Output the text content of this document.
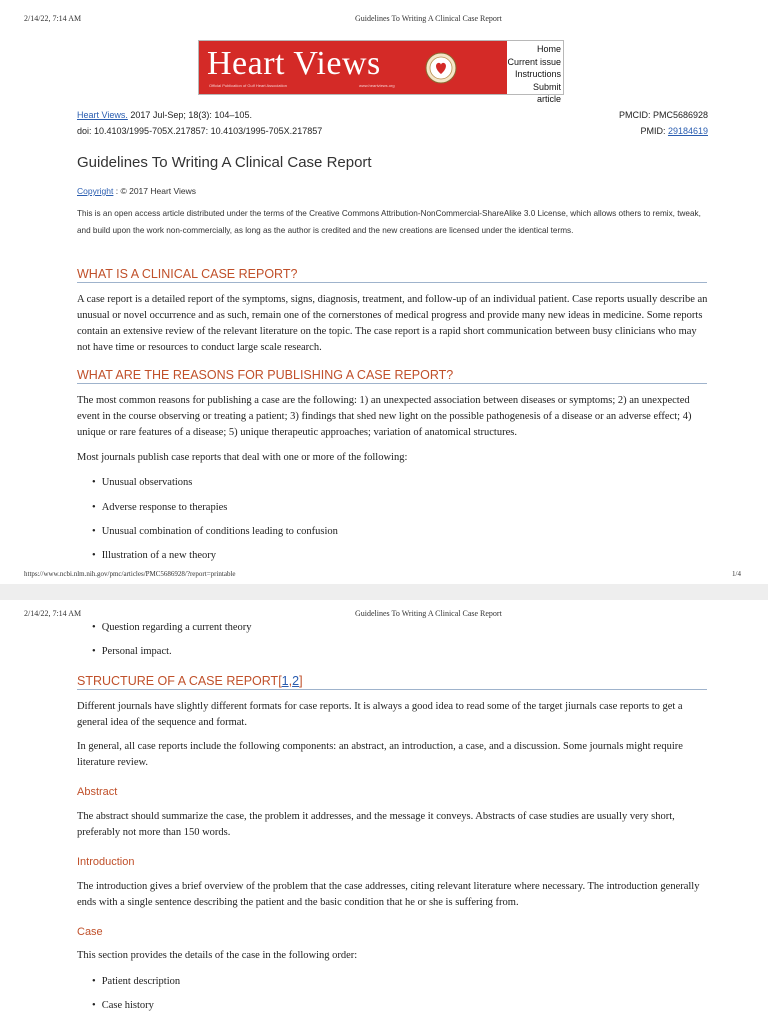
2/14/22, 7:14 AM	Guidelines To Writing A Clinical Case Report
Heart Views
Official Publication of Gulf Heart Association	www.heartviews.org
Home
Current issue
Instructions
Submit article
Heart Views. 2017 Jul-Sep; 18(3): 104–105.
doi: 10.4103/1995-705X.217857: 10.4103/1995-705X.217857
PMCID: PMC5686928
PMID: 29184619
Guidelines To Writing A Clinical Case Report
Copyright : © 2017 Heart Views
This is an open access article distributed under the terms of the Creative Commons Attribution-NonCommercial-ShareAlike 3.0 License, which allows others to remix, tweak, and build upon the work non-commercially, as long as the author is credited and the new creations are licensed under the identical terms.
WHAT IS A CLINICAL CASE REPORT?
A case report is a detailed report of the symptoms, signs, diagnosis, treatment, and follow-up of an individual patient. Case reports usually describe an unusual or novel occurrence and as such, remain one of the cornerstones of medical progress and provide many new ideas in medicine. Some reports contain an extensive review of the relevant literature on the topic. The case report is a rapid short communication between busy clinicians who may not have time or resources to conduct large scale research.
WHAT ARE THE REASONS FOR PUBLISHING A CASE REPORT?
The most common reasons for publishing a case are the following: 1) an unexpected association between diseases or symptoms; 2) an unexpected event in the course observing or treating a patient; 3) findings that shed new light on the possible pathogenesis of a disease or an adverse effect; 4) unique or rare features of a disease; 5) unique therapeutic approaches; variation of anatomical structures.
Most journals publish case reports that deal with one or more of the following:
• Unusual observations
• Adverse response to therapies
• Unusual combination of conditions leading to confusion
• Illustration of a new theory
https://www.ncbi.nlm.nih.gov/pmc/articles/PMC5686928/?report=printable	1/4
2/14/22, 7:14 AM	Guidelines To Writing A Clinical Case Report
• Question regarding a current theory
• Personal impact.
STRUCTURE OF A CASE REPORT[1,2]
Different journals have slightly different formats for case reports. It is always a good idea to read some of the target jiurnals case reports to get a general idea of the sequence and format.
In general, all case reports include the following components: an abstract, an introduction, a case, and a discussion. Some journals might require literature review.
Abstract
The abstract should summarize the case, the problem it addresses, and the message it conveys. Abstracts of case studies are usually very short, preferably not more than 150 words.
Introduction
The introduction gives a brief overview of the problem that the case addresses, citing relevant literature where necessary. The introduction generally ends with a single sentence describing the patient and the basic condition that he or she is suffering from.
Case
This section provides the details of the case in the following order:
• Patient description
• Case history
